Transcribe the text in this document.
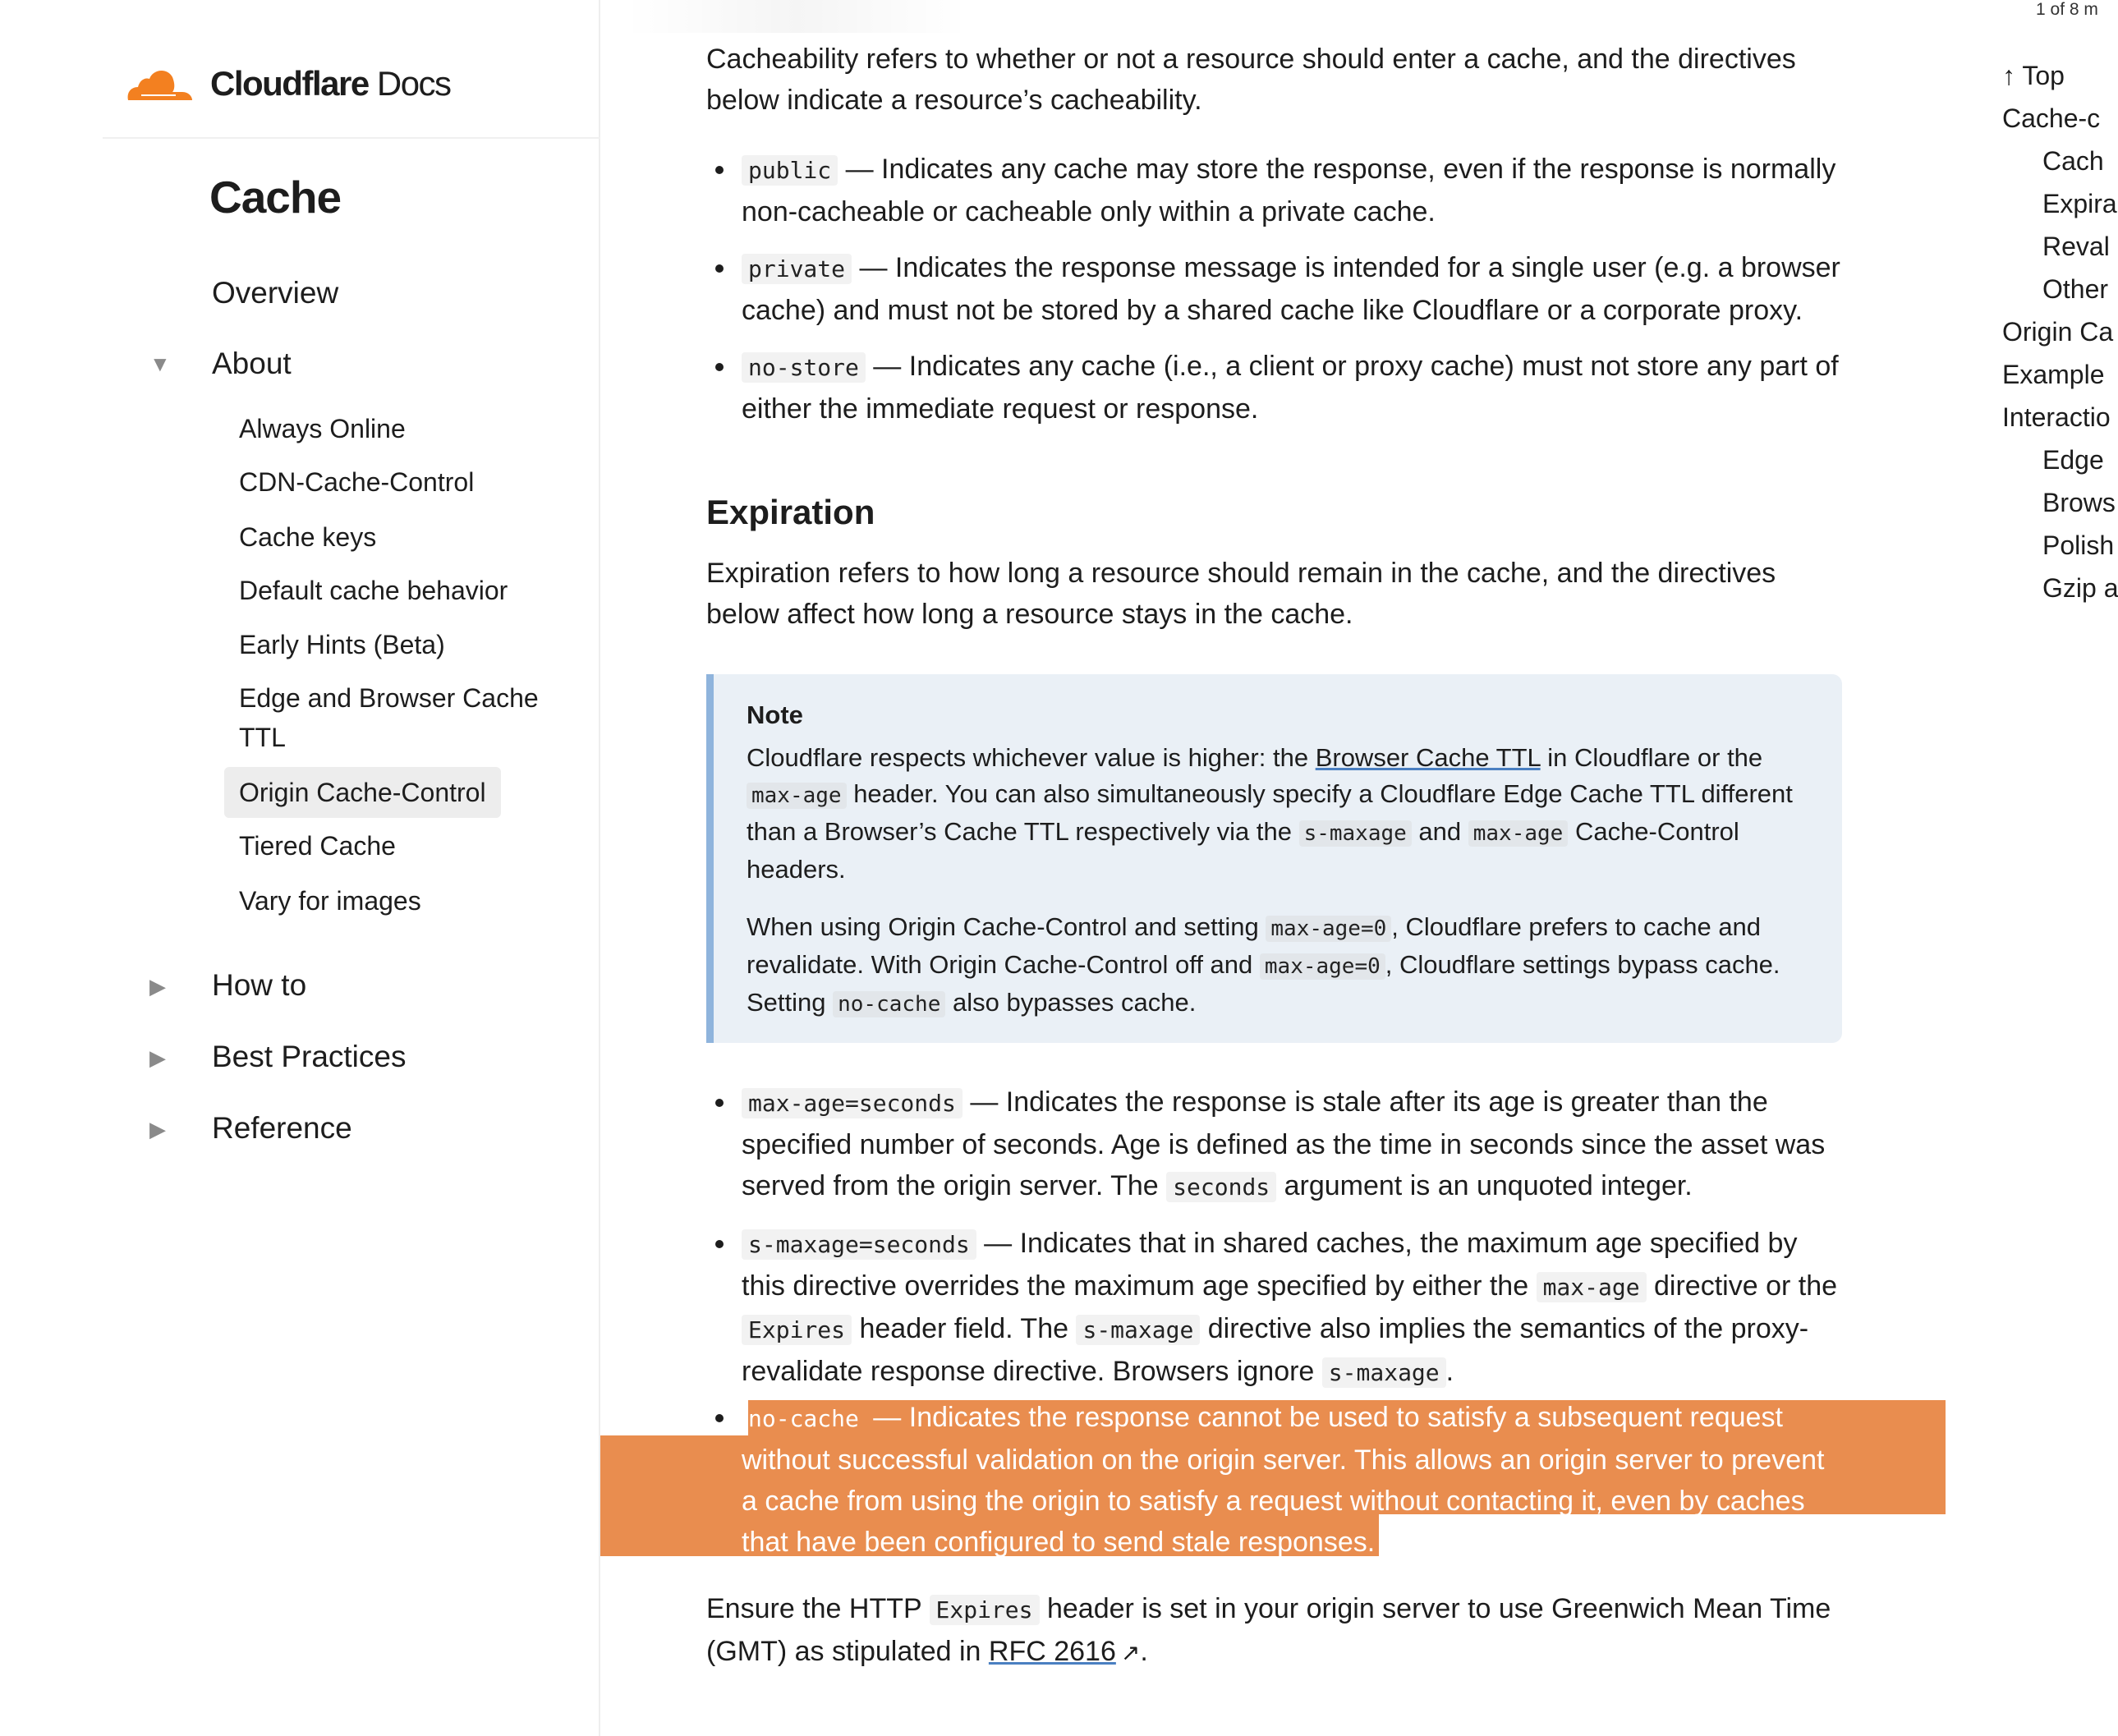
Cloudflare Docs
Cache
Overview
▼ About
Always Online
CDN-Cache-Control
Cache keys
Default cache behavior
Early Hints (Beta)
Edge and Browser Cache TTL
Origin Cache-Control
Tiered Cache
Vary for images
▶ How to
▶ Best Practices
▶ Reference

Cacheability refers to whether or not a resource should enter a cache, and the directives below indicate a resource’s cacheability.

public — Indicates any cache may store the response, even if the response is normally non-cacheable or cacheable only within a private cache.
private — Indicates the response message is intended for a single user (e.g. a browser cache) and must not be stored by a shared cache like Cloudflare or a corporate proxy.
no-store — Indicates any cache (i.e., a client or proxy cache) must not store any part of either the immediate request or response.
Expiration

Expiration refers to how long a resource should remain in the cache, and the directives below affect how long a resource stays in the cache.

Note

Cloudflare respects whichever value is higher: the Browser Cache TTL in Cloudflare or the max-age header. You can also simultaneously specify a Cloudflare Edge Cache TTL different than a Browser’s Cache TTL respectively via the s-maxage and max-age Cache-Control headers.

When using Origin Cache-Control and setting max-age=0 , Cloudflare prefers to cache and revalidate. With Origin Cache-Control off and max-age=0 , Cloudflare settings bypass cache. Setting no-cache also bypasses cache.

max-age=seconds — Indicates the response is stale after its age is greater than the specified number of seconds. Age is defined as the time in seconds since the asset was served from the origin server. The seconds argument is an unquoted integer.
s-maxage=seconds — Indicates that in shared caches, the maximum age specified by this directive overrides the maximum age specified by either the max-age directive or the Expires header field. The s-maxage directive also implies the semantics of the proxy-revalidate response directive. Browsers ignore s-maxage .
no-cache — Indicates the response cannot be used to satisfy a subsequent request without successful validation on the origin server. This allows an origin server to prevent a cache from using the origin to satisfy a request without contacting it, even by caches that have been configured to send stale responses.

Ensure the HTTP Expires header is set in your origin server to use Greenwich Mean Time (GMT) as stipulated in RFC 2616 ↗.

1 of 8 m
↑ Top
Cache-c
Cach
Expira
Reval
Other
Origin Ca
Example
Interactio
Edge
Brows
Polish
Gzip a
